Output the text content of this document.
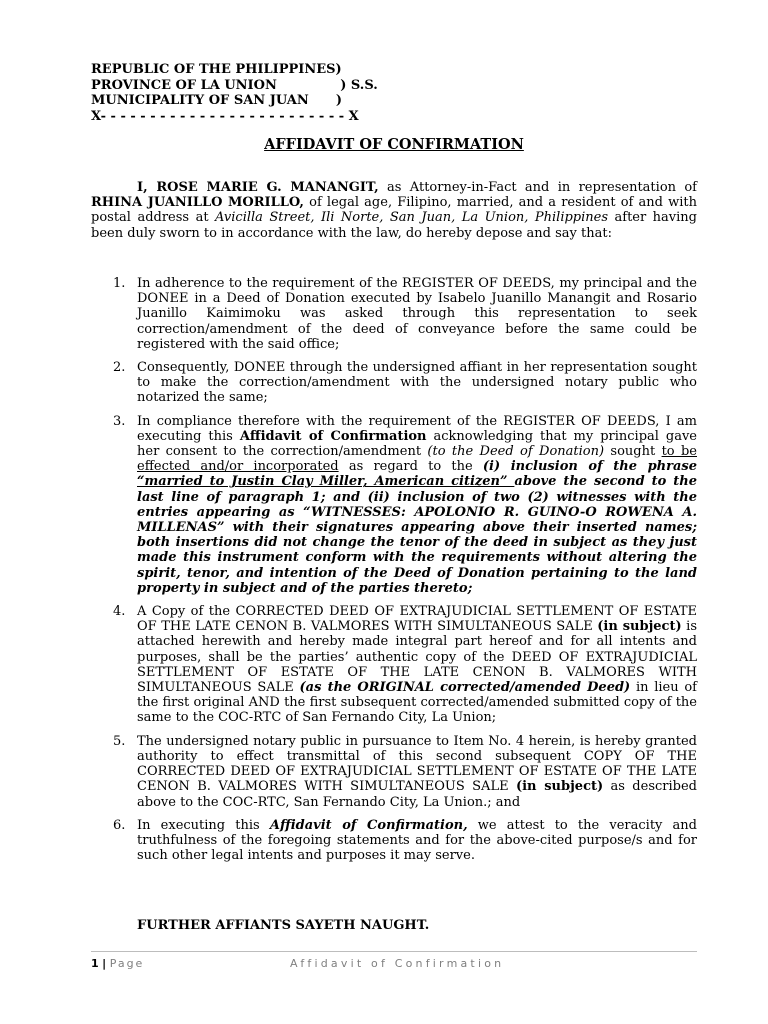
REPUBLIC OF THE PHILIPPINES)
PROVINCE OF LA UNION              ) S.S.
MUNICIPALITY OF SAN JUAN      )
X- - - - - - - - - - - - - - - - - - - - - - - - - X
AFFIDAVIT OF CONFIRMATION

I, ROSE MARIE G. MANANGIT, as Attorney-in-Fact and in representation of RHINA JUANILLO MORILLO, of legal age, Filipino, married, and a resident of and with postal address at Avicilla Street, Ili Norte, San Juan, La Union, Philippines after having been duly sworn to in accordance with the law, do hereby depose and say that:

1. In adherence to the requirement of the REGISTER OF DEEDS, my principal and the DONEE in a Deed of Donation executed by Isabelo Juanillo Manangit and Rosario Juanillo Kaimimoku was asked through this representation to seek correction/amendment of the deed of conveyance before the same could be registered with the said office;
2. Consequently, DONEE through the undersigned affiant in her representation sought to make the correction/amendment with the undersigned notary public who notarized the same;
3. In compliance therefore with the requirement of the REGISTER OF DEEDS, I am executing this Affidavit of Confirmation acknowledging that my principal gave her consent to the correction/amendment (to the Deed of Donation) sought to be effected and/or incorporated as regard to the (i) inclusion of the phrase “married to Justin Clay Miller, American citizen” above the second to the last line of paragraph 1; and (ii) inclusion of two (2) witnesses with the entries appearing as “WITNESSES: APOLONIO R. GUINO-O ROWENA A. MILLENAS” with their signatures appearing above their inserted names; both insertions did not change the tenor of the deed in subject as they just made this instrument conform with the requirements without altering the spirit, tenor, and intention of the Deed of Donation pertaining to the land property in subject and of the parties thereto;
4. A Copy of the CORRECTED DEED OF EXTRAJUDICIAL SETTLEMENT OF ESTATE OF THE LATE CENON B. VALMORES WITH SIMULTANEOUS SALE (in subject) is attached herewith and hereby made integral part hereof and for all intents and purposes, shall be the parties’ authentic copy of the DEED OF EXTRAJUDICIAL SETTLEMENT OF ESTATE OF THE LATE CENON B. VALMORES WITH SIMULTANEOUS SALE (as the ORIGINAL corrected/amended Deed) in lieu of the first original AND the first subsequent corrected/amended submitted copy of the same to the COC-RTC of San Fernando City, La Union;
5. The undersigned notary public in pursuance to Item No. 4 herein, is hereby granted authority to effect transmittal of this second subsequent COPY OF THE CORRECTED DEED OF EXTRAJUDICIAL SETTLEMENT OF ESTATE OF THE LATE CENON B. VALMORES WITH SIMULTANEOUS SALE (in subject) as described above to the COC-RTC, San Fernando City, La Union.; and
6. In executing this Affidavit of Confirmation, we attest to the veracity and truthfulness of the foregoing statements and for the above-cited purpose/s and for such other legal intents and purposes it may serve.
FURTHER AFFIANTS SAYETH NAUGHT.
1 | Page	Affidavit of Confirmation
